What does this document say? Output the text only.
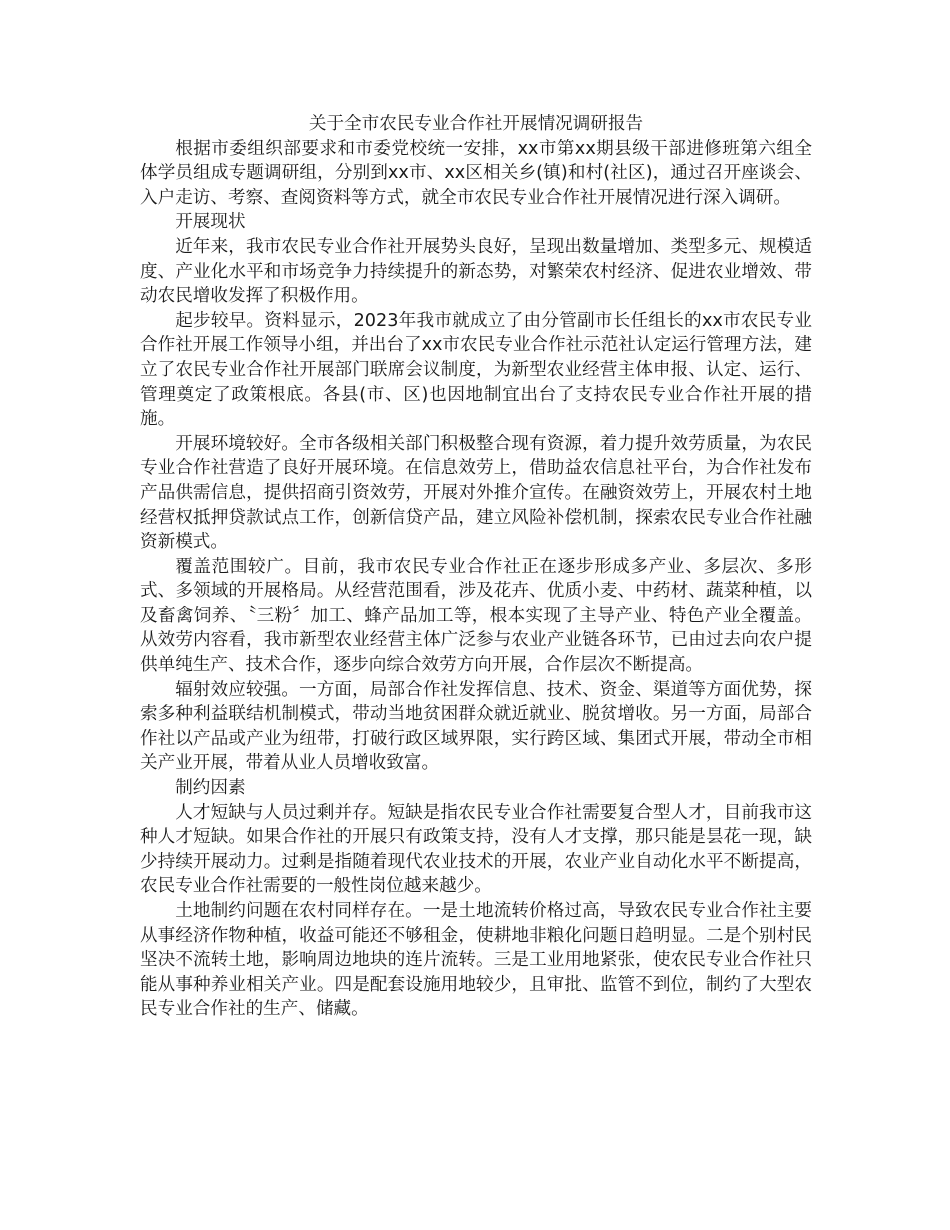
关于全市农民专业合作社开展情况调研报告

根据市委组织部要求和市委党校统一安排，xx市第xx期县级干部进修班第六组全体学员组成专题调研组，分别到xx市、xx区相关乡(镇)和村(社区)，通过召开座谈会、入户走访、考察、查阅资料等方式，就全市农民专业合作社开展情况进行深入调研。

开展现状

近年来，我市农民专业合作社开展势头良好，呈现出数量增加、类型多元、规模适度、产业化水平和市场竞争力持续提升的新态势，对繁荣农村经济、促进农业增效、带动农民增收发挥了积极作用。

起步较早。资料显示，2023年我市就成立了由分管副市长任组长的xx市农民专业合作社开展工作领导小组，并出台了xx市农民专业合作社示范社认定运行管理方法，建立了农民专业合作社开展部门联席会议制度，为新型农业经营主体申报、认定、运行、管理奠定了政策根底。各县(市、区)也因地制宜出台了支持农民专业合作社开展的措施。

开展环境较好。全市各级相关部门积极整合现有资源，着力提升效劳质量，为农民专业合作社营造了良好开展环境。在信息效劳上，借助益农信息社平台，为合作社发布产品供需信息，提供招商引资效劳，开展对外推介宣传。在融资效劳上，开展农村土地经营权抵押贷款试点工作，创新信贷产品，建立风险补偿机制，探索农民专业合作社融资新模式。

覆盖范围较广。目前，我市农民专业合作社正在逐步形成多产业、多层次、多形式、多领域的开展格局。从经营范围看，涉及花卉、优质小麦、中药材、蔬菜种植，以及畜禽饲养、〝三粉〞加工、蜂产品加工等，根本实现了主导产业、特色产业全覆盖。从效劳内容看，我市新型农业经营主体广泛参与农业产业链各环节，已由过去向农户提供单纯生产、技术合作，逐步向综合效劳方向开展，合作层次不断提高。

辐射效应较强。一方面，局部合作社发挥信息、技术、资金、渠道等方面优势，探索多种利益联结机制模式，带动当地贫困群众就近就业、脱贫增收。另一方面，局部合作社以产品或产业为纽带，打破行政区域界限，实行跨区域、集团式开展，带动全市相关产业开展，带着从业人员增收致富。

制约因素

人才短缺与人员过剩并存。短缺是指农民专业合作社需要复合型人才，目前我市这种人才短缺。如果合作社的开展只有政策支持，没有人才支撑，那只能是昙花一现，缺少持续开展动力。过剩是指随着现代农业技术的开展，农业产业自动化水平不断提高，农民专业合作社需要的一般性岗位越来越少。

土地制约问题在农村同样存在。一是土地流转价格过高，导致农民专业合作社主要从事经济作物种植，收益可能还不够租金，使耕地非粮化问题日趋明显。二是个别村民坚决不流转土地，影响周边地块的连片流转。三是工业用地紧张，使农民专业合作社只能从事种养业相关产业。四是配套设施用地较少，且审批、监管不到位，制约了大型农民专业合作社的生产、储藏。
